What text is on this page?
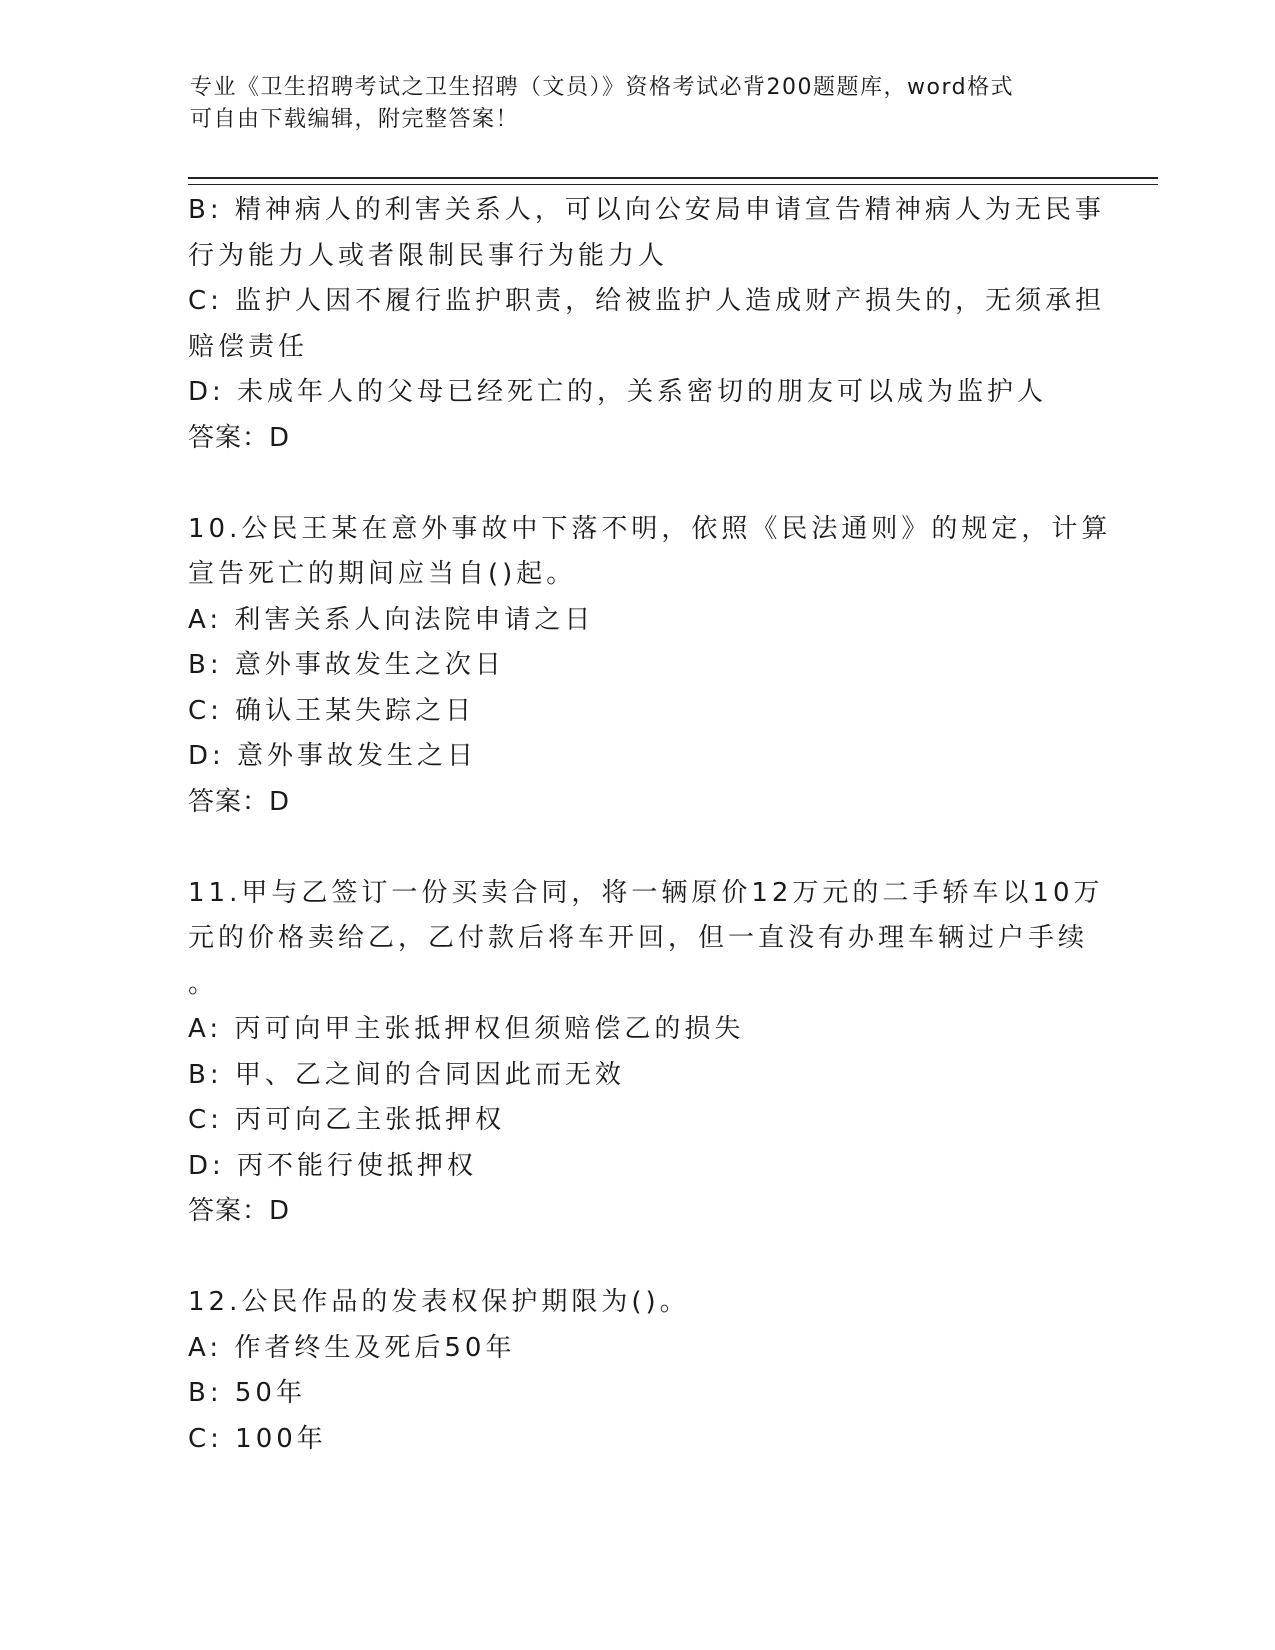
专业《卫生招聘考试之卫生招聘（文员）》资格考试必背200题题库，word格式
可自由下载编辑，附完整答案！
B: 精神病人的利害关系人，可以向公安局申请宣告精神病人为无民事
行为能力人或者限制民事行为能力人
C: 监护人因不履行监护职责，给被监护人造成财产损失的，无须承担
赔偿责任
D: 未成年人的父母已经死亡的，关系密切的朋友可以成为监护人
答案：D
10.公民王某在意外事故中下落不明，依照《民法通则》的规定，计算
宣告死亡的期间应当自()起。
A: 利害关系人向法院申请之日
B: 意外事故发生之次日
C: 确认王某失踪之日
D: 意外事故发生之日
答案：D
11.甲与乙签订一份买卖合同，将一辆原价12万元的二手轿车以10万
元的价格卖给乙，乙付款后将车开回，但一直没有办理车辆过户手续
。
A: 丙可向甲主张抵押权但须赔偿乙的损失
B: 甲、乙之间的合同因此而无效
C: 丙可向乙主张抵押权
D: 丙不能行使抵押权
答案：D
12.公民作品的发表权保护期限为()。
A: 作者终生及死后50年
B: 50年
C: 100年
